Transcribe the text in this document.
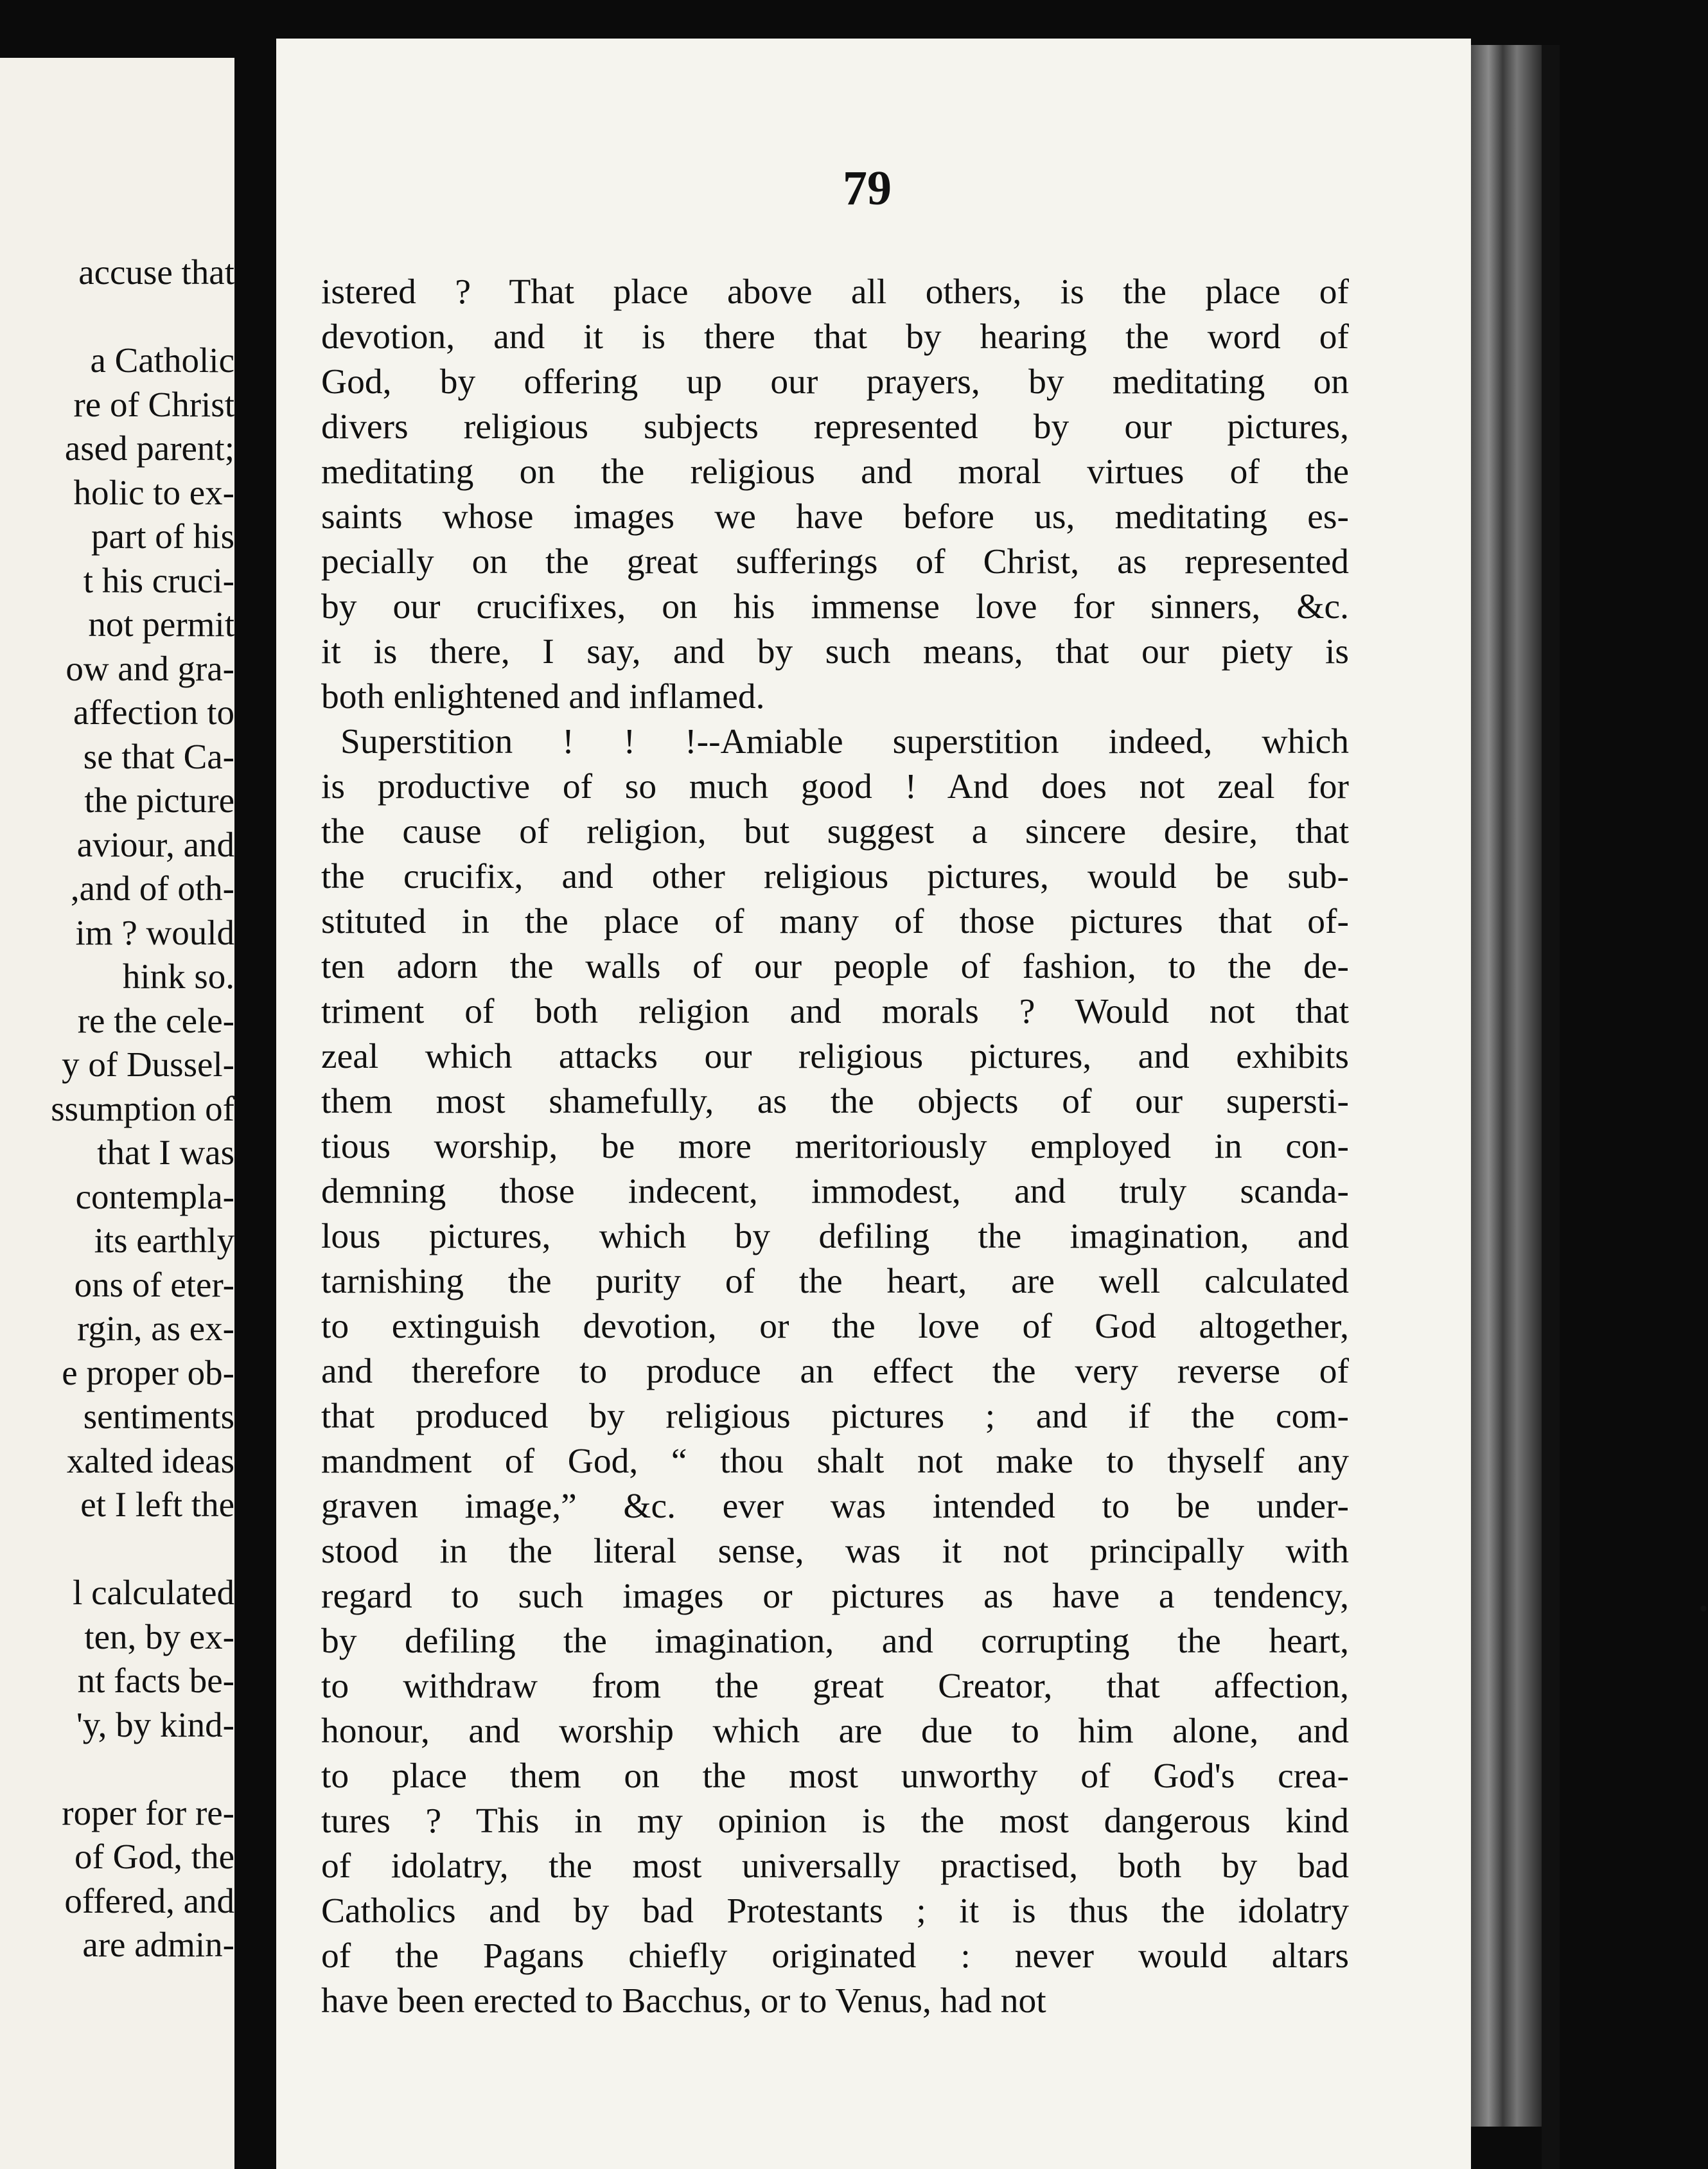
accuse that
a Catholic
re of Christ
ased parent;
holic to ex-
part of his
t his cruci-
not permit
ow and gra-
affection to
se that Ca-
the picture
aviour, and
,and of oth-
im ? would
hink so.
re the cele-
y of Dussel-
ssumption of
that I was
contempla-
its earthly
ons of eter-
rgin, as ex-
e proper ob-
sentiments
xalted ideas
et I left the
l calculated
ten, by ex-
nt facts be-
'y, by kind-
roper for re-
of God, the
offered, and
are admin-
79
istered ? That place above all others, is the place of
devotion, and it is there that by hearing the word of
God, by offering up our prayers, by meditating on
divers religious subjects represented by our pictures,
meditating on the religious and moral virtues of the
saints whose images we have before us, meditating es-
pecially on the great sufferings of Christ, as represented
by our crucifixes, on his immense love for sinners, &c.
it is there, I say, and by such means, that our piety is
both enlightened and inflamed.
Superstition ! ! !--Amiable superstition indeed, which
is productive of so much good ! And does not zeal for
the cause of religion, but suggest a sincere desire, that
the crucifix, and other religious pictures, would be sub-
stituted in the place of many of those pictures that of-
ten adorn the walls of our people of fashion, to the de-
triment of both religion and morals ? Would not that
zeal which attacks our religious pictures, and exhibits
them most shamefully, as the objects of our supersti-
tious worship, be more meritoriously employed in con-
demning those indecent, immodest, and truly scanda-
lous pictures, which by defiling the imagination, and
tarnishing the purity of the heart, are well calculated
to extinguish devotion, or the love of God altogether,
and therefore to produce an effect the very reverse of
that produced by religious pictures ; and if the com-
mandment of God, “ thou shalt not make to thyself any
graven image,” &c. ever was intended to be under-
stood in the literal sense, was it not principally with
regard to such images or pictures as have a tendency,
by defiling the imagination, and corrupting the heart,
to withdraw from the great Creator, that affection,
honour, and worship which are due to him alone, and
to place them on the most unworthy of God's crea-
tures ? This in my opinion is the most dangerous kind
of idolatry, the most universally practised, both by bad
Catholics and by bad Protestants ; it is thus the idolatry
of the Pagans chiefly originated : never would altars
have been erected to Bacchus, or to Venus, had not
•
